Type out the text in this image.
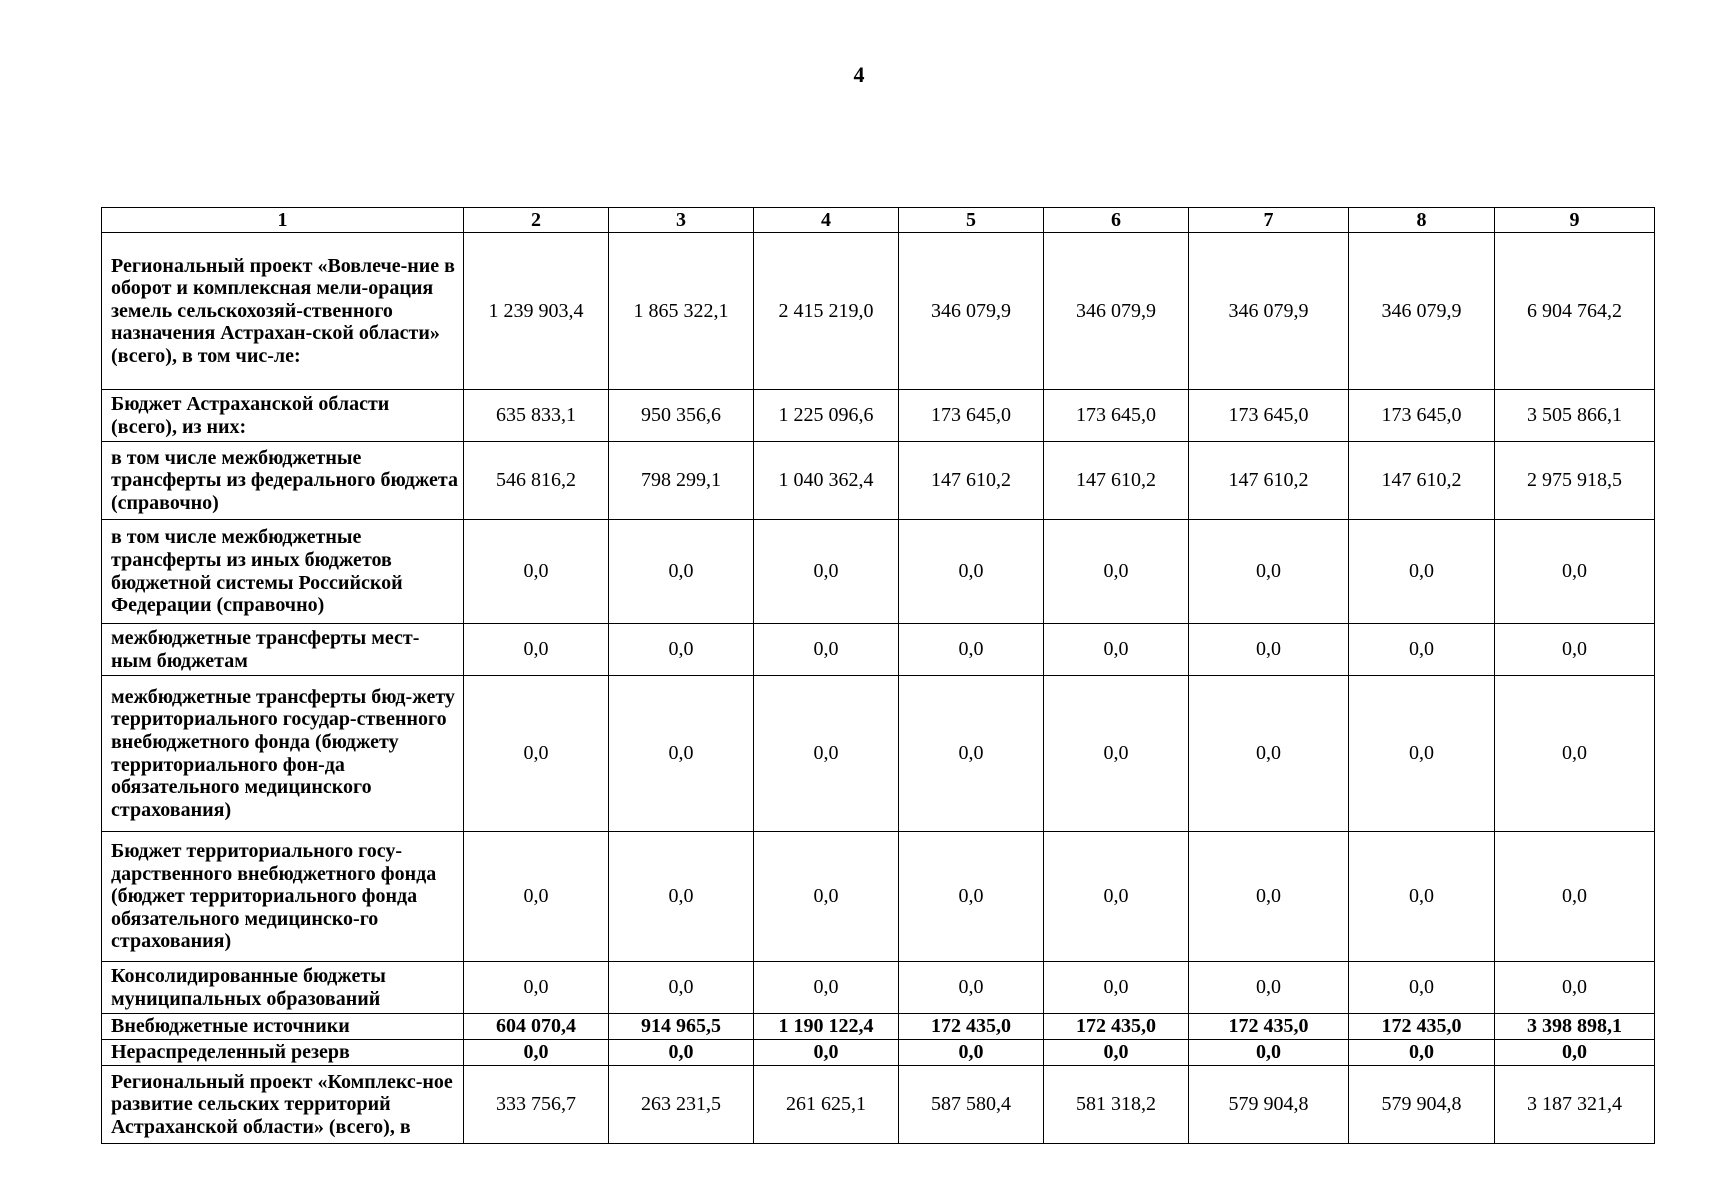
4
1	2	3	4	5	6	7	8	9
Региональный проект «Вовлече-ние в оборот и комплексная мели-орация земель сельскохозяй-ственного назначения Астрахан-ской области» (всего), в том чис-ле:	1 239 903,4	1 865 322,1	2 415 219,0	346 079,9	346 079,9	346 079,9	346 079,9	6 904 764,2
Бюджет Астраханской области (всего), из них:	635 833,1	950 356,6	1 225 096,6	173 645,0	173 645,0	173 645,0	173 645,0	3 505 866,1
в том числе межбюджетные трансферты из федерального бюджета (справочно)	546 816,2	798 299,1	1 040 362,4	147 610,2	147 610,2	147 610,2	147 610,2	2 975 918,5
в том числе межбюджетные трансферты из иных бюджетов бюджетной системы Российской Федерации (справочно)	0,0	0,0	0,0	0,0	0,0	0,0	0,0	0,0
межбюджетные трансферты мест-ным бюджетам	0,0	0,0	0,0	0,0	0,0	0,0	0,0	0,0
межбюджетные трансферты бюд-жету территориального государ-ственного внебюджетного фонда (бюджету территориального фон-да обязательного медицинского страхования)	0,0	0,0	0,0	0,0	0,0	0,0	0,0	0,0
Бюджет территориального госу-дарственного внебюджетного фонда (бюджет территориального фонда обязательного медицинско-го страхования)	0,0	0,0	0,0	0,0	0,0	0,0	0,0	0,0
Консолидированные бюджеты муниципальных образований	0,0	0,0	0,0	0,0	0,0	0,0	0,0	0,0
Внебюджетные источники	604 070,4	914 965,5	1 190 122,4	172 435,0	172 435,0	172 435,0	172 435,0	3 398 898,1
Нераспределенный резерв	0,0	0,0	0,0	0,0	0,0	0,0	0,0	0,0
Региональный проект «Комплекс-ное развитие сельских территорий Астраханской области» (всего), в	333 756,7	263 231,5	261 625,1	587 580,4	581 318,2	579 904,8	579 904,8	3 187 321,4
